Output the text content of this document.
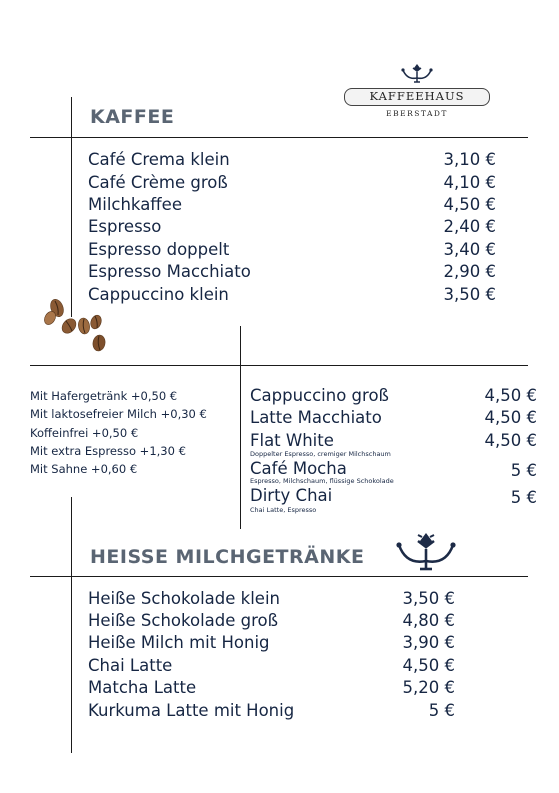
KAFFEEHAUS
EBERSTADT
KAFFEE
Café Crema klein	3,10 €
Café Crème groß	4,10 €
Milchkaffee	4,50 €
Espresso	2,40 €
Espresso doppelt	3,40 €
Espresso Macchiato	2,90 €
Cappuccino klein	3,50 €
Mit Hafergetränk +0,50 €
Mit laktosefreier Milch +0,30 €
Koffeinfrei +0,50 €
Mit extra Espresso +1,30 €
Mit Sahne +0,60 €
Cappuccino groß	4,50 €
Latte Macchiato	4,50 €
Flat White	4,50 €
Doppelter Espresso, cremiger Milchschaum
Café Mocha	5 €
Espresso, Milchschaum, flüssige Schokolade
Dirty Chai	5 €
Chai Latte, Espresso
HEISSE MILCHGETRÄNKE
Heiße Schokolade klein	3,50 €
Heiße Schokolade groß	4,80 €
Heiße Milch mit Honig	3,90 €
Chai Latte	4,50 €
Matcha Latte	5,20 €
Kurkuma Latte mit Honig	5 €
